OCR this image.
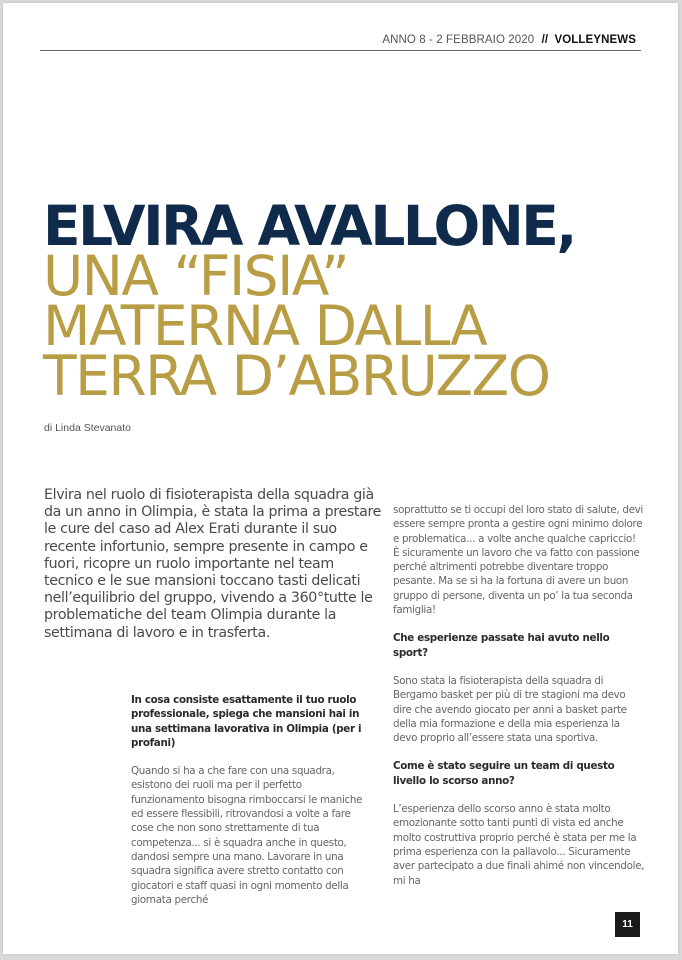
ANNO 8 - 2 FEBBRAIO 2020 // VOLLEYNEWS
ELVIRA AVALLONE,
UNA “FISIA”
MATERNA DALLA
TERRA D’ABRUZZO
di Linda Stevanato

Elvira nel ruolo di fisioterapista della squadra già da un anno in Olimpia, è stata la prima a prestare le cure del caso ad Alex Erati durante il suo recente infortunio, sempre presente in campo e fuori, ricopre un ruolo importante nel team tecnico e le sue mansioni toccano tasti delicati nell’equilibrio del gruppo, vivendo a 360°tutte le problematiche del team Olimpia durante la settimana di lavoro e in trasferta.

In cosa consiste esattamente il tuo ruolo professionale, spiega che mansioni hai in una settimana lavorativa in Olimpia (per i profani)

Quando si ha a che fare con una squadra, esistono dei ruoli ma per il perfetto funzionamento bisogna rimboccarsi le maniche ed essere flessibili, ritrovandosi a volte a fare cose che non sono strettamente di tua competenza... si è squadra anche in questo, dandosi sempre una mano. Lavorare in una squadra significa avere stretto contatto con giocatori e staff quasi in ogni momento della giornata perché

soprattutto se ti occupi del loro stato di salute, devi essere sempre pronta a gestire ogni minimo dolore e problematica... a volte anche qualche capriccio!

È sicuramente un lavoro che va fatto con passione perché altrimenti potrebbe diventare troppo pesante. Ma se si ha la fortuna di avere un buon gruppo di persone, diventa un po’ la tua seconda famiglia!

Che esperienze passate hai avuto nello sport?

Sono stata la fisioterapista della squadra di Bergamo basket per più di tre stagioni ma devo dire che avendo giocato per anni a basket parte della mia formazione e della mia esperienza la devo proprio all’essere stata una sportiva.

Come è stato seguire un team di questo livello lo scorso anno?

L’esperienza dello scorso anno è stata molto emozionante sotto tanti punti di vista ed anche molto costruttiva proprio perché è stata per me la prima esperienza con la pallavolo... Sicuramente aver partecipato a due finali ahimé non vincendole, mi ha

11
